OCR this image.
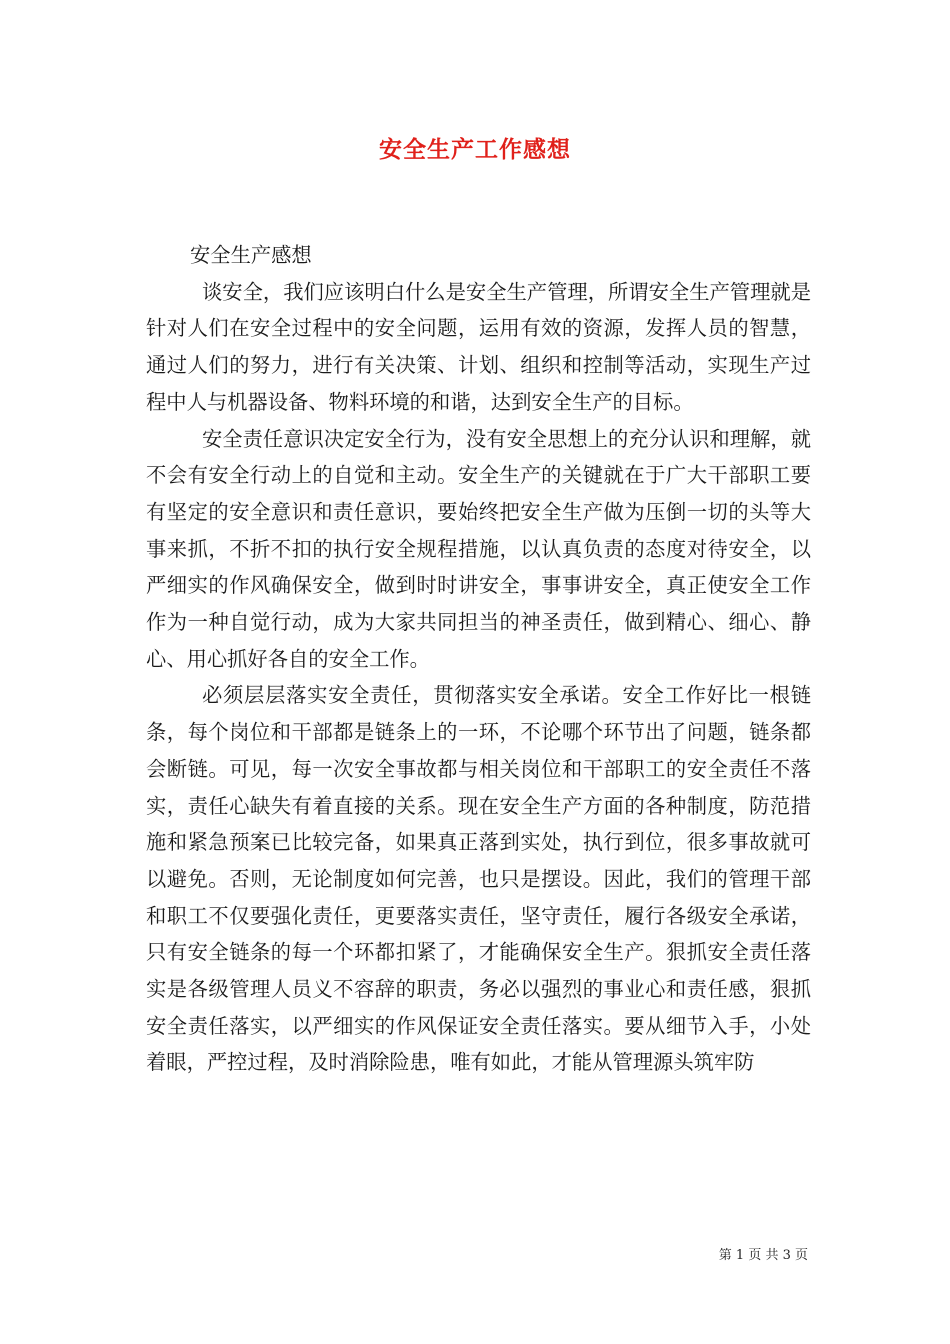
安全生产工作感想

安全生产感想

谈安全，我们应该明白什么是安全生产管理，所谓安全生产管理就是针对人们在安全过程中的安全问题，运用有效的资源，发挥人员的智慧，通过人们的努力，进行有关决策、计划、组织和控制等活动，实现生产过程中人与机器设备、物料环境的和谐，达到安全生产的目标。

安全责任意识决定安全行为，没有安全思想上的充分认识和理解，就不会有安全行动上的自觉和主动。安全生产的关键就在于广大干部职工要有坚定的安全意识和责任意识，要始终把安全生产做为压倒一切的头等大事来抓，不折不扣的执行安全规程措施，以认真负责的态度对待安全，以严细实的作风确保安全，做到时时讲安全，事事讲安全，真正使安全工作作为一种自觉行动，成为大家共同担当的神圣责任，做到精心、细心、静心、用心抓好各自的安全工作。

必须层层落实安全责任，贯彻落实安全承诺。安全工作好比一根链条，每个岗位和干部都是链条上的一环，不论哪个环节出了问题，链条都会断链。可见，每一次安全事故都与相关岗位和干部职工的安全责任不落实，责任心缺失有着直接的关系。现在安全生产方面的各种制度，防范措施和紧急预案已比较完备，如果真正落到实处，执行到位，很多事故就可以避免。否则，无论制度如何完善，也只是摆设。因此，我们的管理干部和职工不仅要强化责任，更要落实责任，坚守责任，履行各级安全承诺，只有安全链条的每一个环都扣紧了，才能确保安全生产。狠抓安全责任落实是各级管理人员义不容辞的职责，务必以强烈的事业心和责任感，狠抓安全责任落实，以严细实的作风保证安全责任落实。要从细节入手，小处着眼，严控过程，及时消除险患，唯有如此，才能从管理源头筑牢防

第 1 页 共 3 页
